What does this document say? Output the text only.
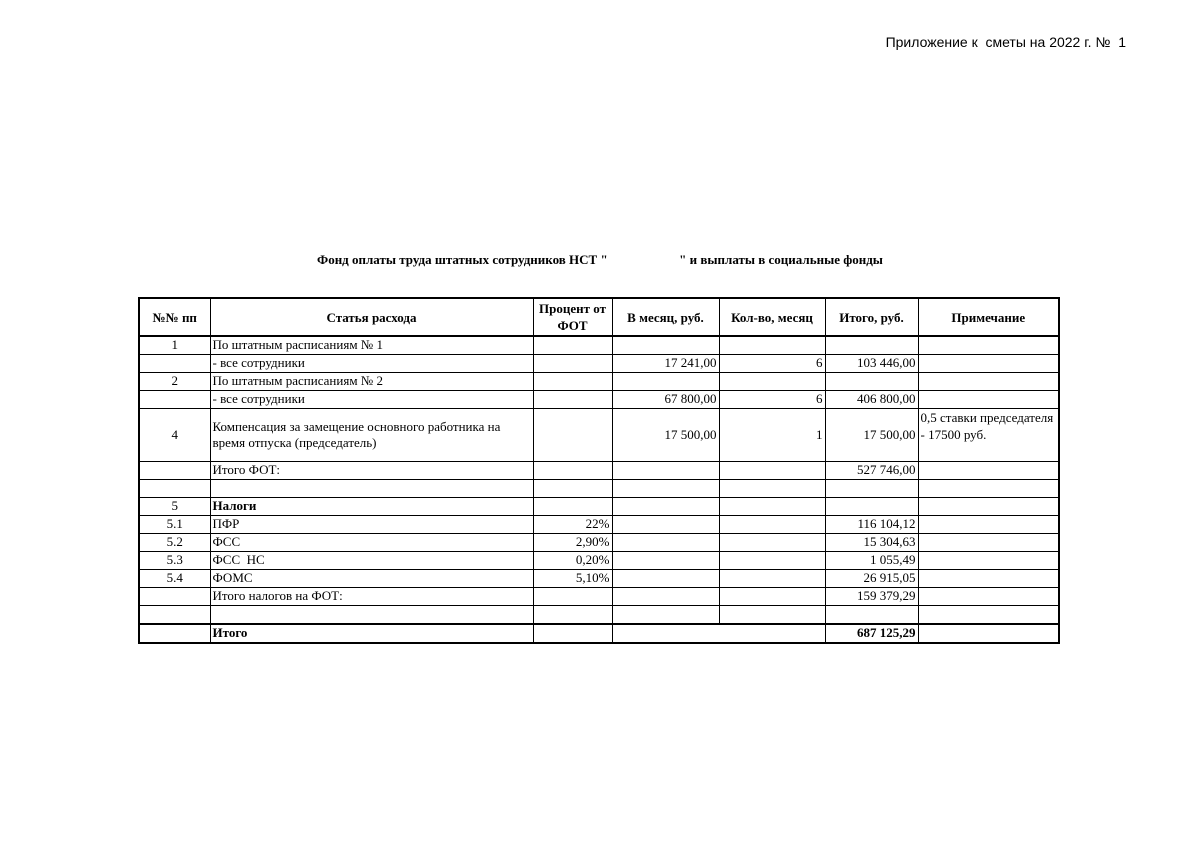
Приложение к  сметы на 2022 г. №  1
Фонд оплаты труда штатных сотрудников НСТ "                      " и выплаты в социальные фонды
№№ пп	Статья расхода	Процент от ФОТ	В месяц, руб.	Кол-во, месяц	Итого, руб.	Примечание
1	По штатным расписаниям № 1					
	- все сотрудники		17 241,00	6	103 446,00	
2	По штатным расписаниям № 2					
	- все сотрудники		67 800,00	6	406 800,00	
4	Компенсация за замещение основного работника на время отпуска (председатель)		17 500,00	1	17 500,00	0,5 ставки председателя - 17500 руб.
	Итого ФОТ:				527 746,00	

5	Налоги					
5.1	ПФР	22%			116 104,12	
5.2	ФСС	2,90%			15 304,63	
5.3	ФСС  НС	0,20%			1 055,49	
5.4	ФОМС	5,10%			26 915,05	
	Итого налогов на ФОТ:				159 379,29	

	Итого				687 125,29	
